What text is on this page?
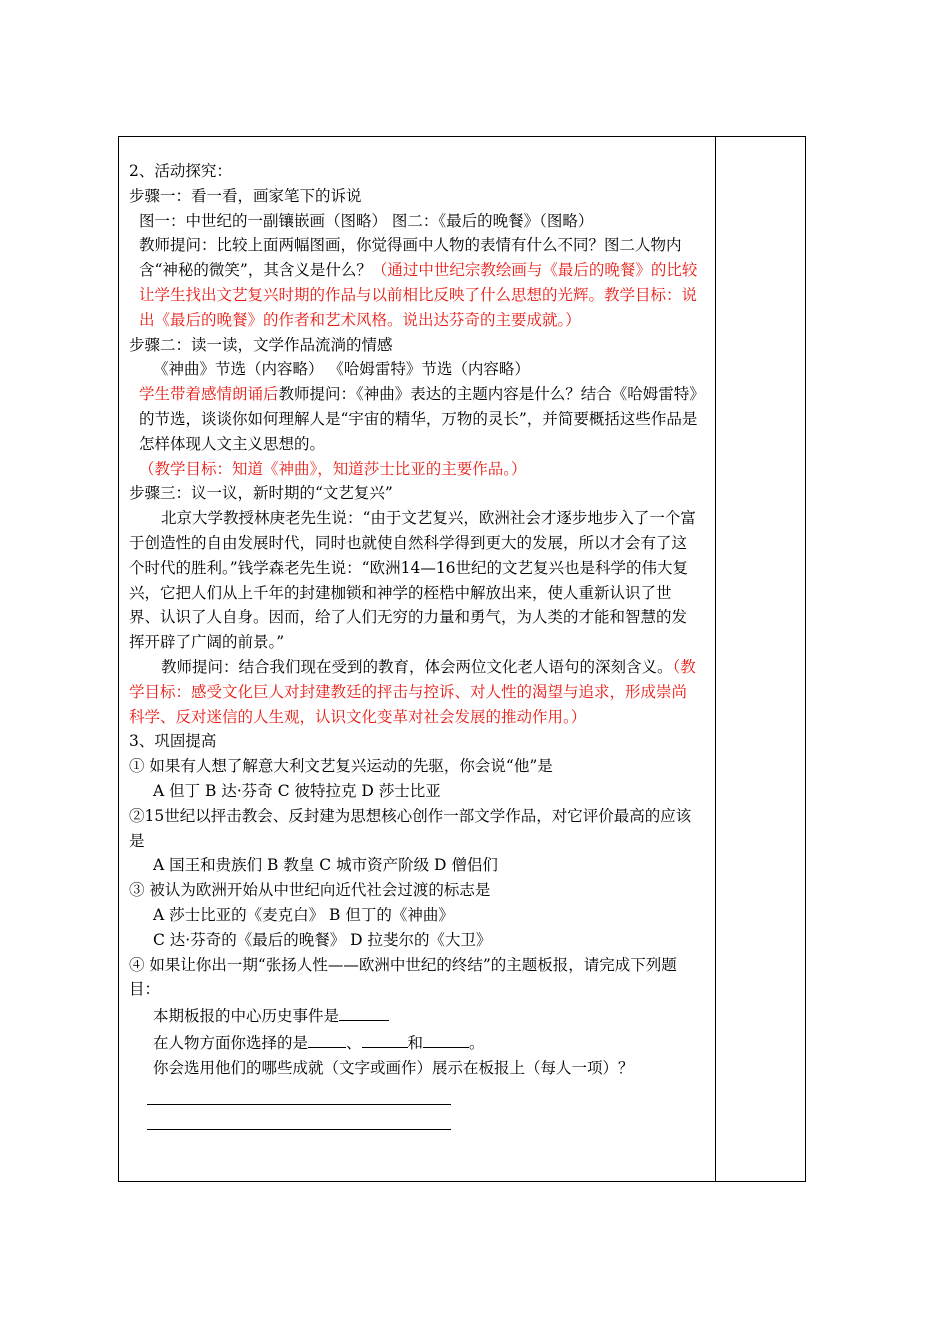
2、活动探究：

步骤一：看一看，画家笔下的诉说

图一：中世纪的一副镶嵌画（图略） 图二：《最后的晚餐》（图略）

教师提问：比较上面两幅图画，你觉得画中人物的表情有什么不同？图二人物内含“神秘的微笑”，其含义是什么？（通过中世纪宗教绘画与《最后的晚餐》的比较让学生找出文艺复兴时期的作品与以前相比反映了什么思想的光辉。教学目标：说出《最后的晚餐》的作者和艺术风格。说出达芬奇的主要成就。）

步骤二：读一读，文学作品流淌的情感

《神曲》节选（内容略） 《哈姆雷特》节选（内容略）

学生带着感情朗诵后教师提问：《神曲》表达的主题内容是什么？结合《哈姆雷特》的节选，谈谈你如何理解人是“宇宙的精华，万物的灵长”，并简要概括这些作品是怎样体现人文主义思想的。（教学目标：知道《神曲》，知道莎士比亚的主要作品。）

步骤三：议一议，新时期的“文艺复兴”

北京大学教授林庚老先生说：“由于文艺复兴，欧洲社会才逐步地步入了一个富于创造性的自由发展时代，同时也就使自然科学得到更大的发展，所以才会有了这个时代的胜利。”钱学森老先生说：“欧洲14—16世纪的文艺复兴也是科学的伟大复兴，它把人们从上千年的封建枷锁和神学的桎梏中解放出来，使人重新认识了世界、认识了人自身。因而，给了人们无穷的力量和勇气，为人类的才能和智慧的发挥开辟了广阔的前景。”

教师提问：结合我们现在受到的教育，体会两位文化老人语句的深刻含义。（教学目标：感受文化巨人对封建教廷的抨击与控诉、对人性的渴望与追求，形成崇尚科学、反对迷信的人生观，认识文化变革对社会发展的推动作用。）

3、巩固提高

① 如果有人想了解意大利文艺复兴运动的先驱，你会说“他”是

A 但丁 B 达·芬奇 C 彼特拉克 D 莎士比亚

②15世纪以抨击教会、反封建为思想核心创作一部文学作品，对它评价最高的应该是

A 国王和贵族们 B 教皇 C 城市资产阶级 D 僧侣们

③ 被认为欧洲开始从中世纪向近代社会过渡的标志是

A 莎士比亚的《麦克白》 B 但丁的《神曲》

C 达·芬奇的《最后的晚餐》 D 拉斐尔的《大卫》

④ 如果让你出一期“张扬人性——欧洲中世纪的终结”的主题板报，请完成下列题目：

本期板报的中心历史事件是

在人物方面你选择的是 、	和	。

你会选用他们的哪些成就（文字或画作）展示在板报上（每人一项）？
